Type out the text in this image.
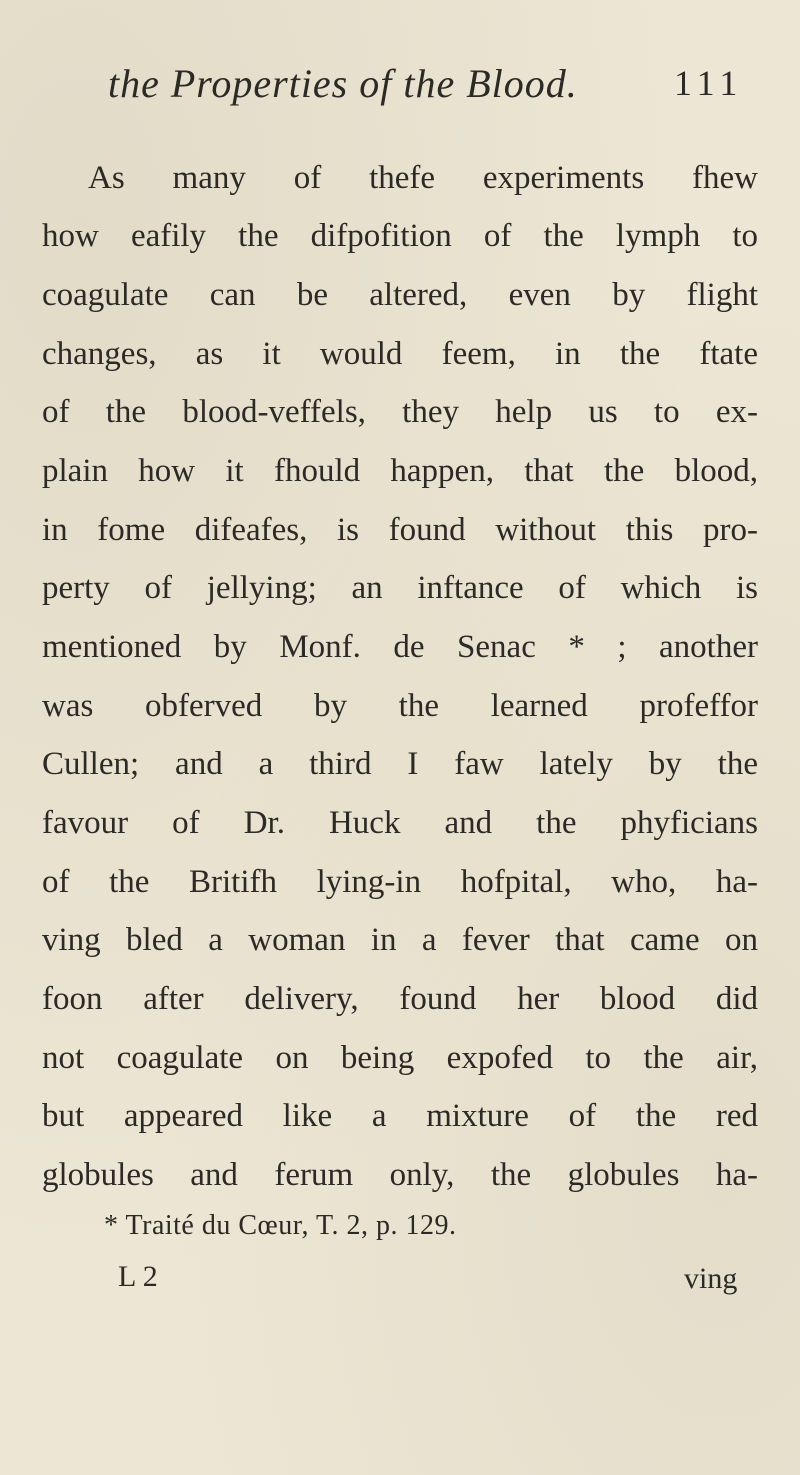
the Properties of the Blood.	111
As many of thefe experiments fhew
how eafily the difpofition of the lymph to
coagulate can be altered, even by flight
changes, as it would feem, in the ftate
of the blood-veffels, they help us to ex-
plain how it fhould happen, that the blood,
in fome difeafes, is found without this pro-
perty of jellying; an inftance of which is
mentioned by Monf. de Senac * ; another
was obferved by the learned profeffor
Cullen; and a third I faw lately by the
favour of Dr. Huck and the phyficians
of the Britifh lying-in hofpital, who, ha-
ving bled a woman in a fever that came on
foon after delivery, found her blood did
not coagulate on being expofed to the air,
but appeared like a mixture of the red
globules and ferum only, the globules ha-
* Traité du Cœur, T. 2, p. 129.
L 2	ving
